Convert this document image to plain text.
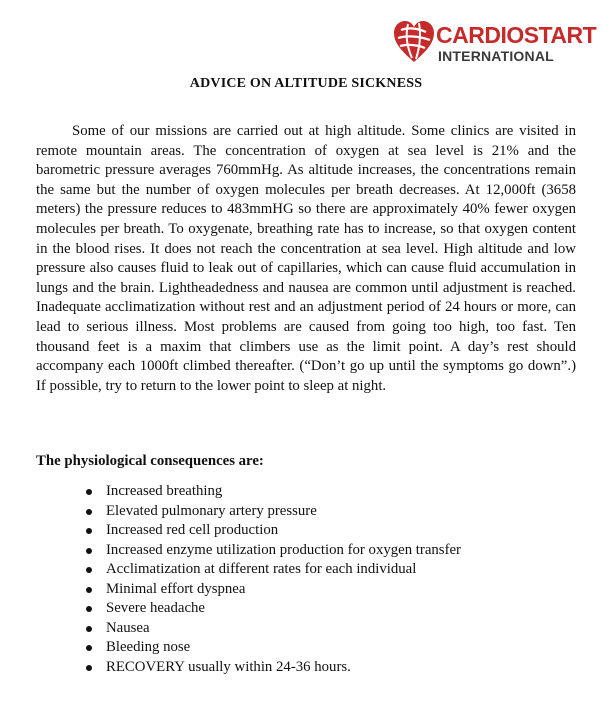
CARDIOSTART
INTERNATIONAL
ADVICE ON ALTITUDE SICKNESS

Some of our missions are carried out at high altitude. Some clinics are visited in remote mountain areas. The concentration of oxygen at sea level is 21% and the barometric pressure averages 760mmHg. As altitude increases, the concentrations remain the same but the number of oxygen molecules per breath decreases. At 12,000ft (3658 meters) the pressure reduces to 483mmHG so there are approximately 40% fewer oxygen molecules per breath. To oxygenate, breathing rate has to increase, so that oxygen content in the blood rises. It does not reach the concentration at sea level. High altitude and low pressure also causes fluid to leak out of capillaries, which can cause fluid accumulation in lungs and the brain. Lightheadedness and nausea are common until adjustment is reached. Inadequate acclimatization without rest and an adjustment period of 24 hours or more, can lead to serious illness. Most problems are caused from going too high, too fast. Ten thousand feet is a maxim that climbers use as the limit point. A day’s rest should accompany each 1000ft climbed thereafter. (“Don’t go up until the symptoms go down”.) If possible, try to return to the lower point to sleep at night.

The physiological consequences are:
Increased breathing
Elevated pulmonary artery pressure
Increased red cell production
Increased enzyme utilization production for oxygen transfer
Acclimatization at different rates for each individual
Minimal effort dyspnea
Severe headache
Nausea
Bleeding nose
RECOVERY usually within 24-36 hours.
